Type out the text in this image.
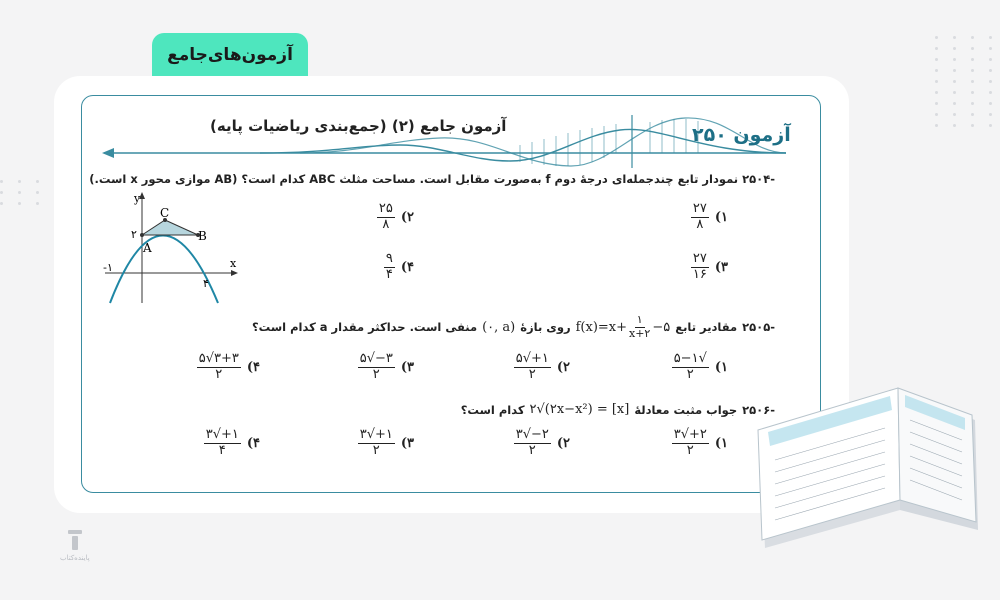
آزمون‌های‌جامع
آزمون ۲۵۰
آزمون جامع (۲) (جمع‌بندی ریاضیات پایه)
-۲۵۰۴ نمودار تابع چندجمله‌ای درجهٔ دوم f به‌صورت مقابل است. مساحت مثلث ABC کدام است؟ (AB موازی محور x است.)
y
x
A
B
C
۲
-۱
۴
۱)
$\frac{۲۷}{۸}$
۲)
$\frac{۲۵}{۸}$
۳)
$\frac{۲۷}{۱۶}$
۴)
$\frac{۹}{۴}$
-۲۵۰۵
مقادیر تابع
$f(x)=x+ \frac{۱}{x+۲}$ −۵
روی بازهٔ
(۰, a)
منفی است. حداکثر مقدار a کدام است؟
۱)
$\frac{√۵-۱}{۲}$
۲)
$\frac{۱+√۵}{۲}$
۳)
$\frac{۳-√۵}{۲}$
۴)
$\frac{۳+۳√۵}{۲}$
-۲۵۰۶
جواب مثبت معادلهٔ
۲√(۲x−x²) = [x]
کدام است؟
۱)
$\frac{۲+√۳}{۲}$
۲)
$\frac{۲-√۳}{۲}$
۳)
$\frac{۱+√۳}{۲}$
۴)
$\frac{۱+√۳}{۴}$
پاینده‌کتاب
